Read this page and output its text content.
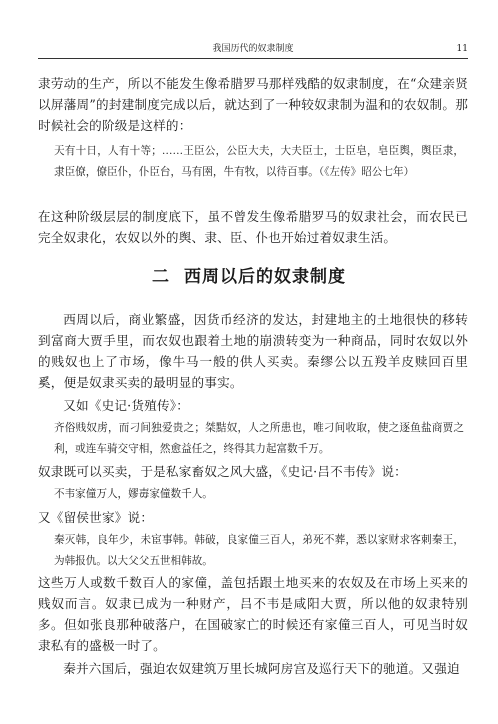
我国历代的奴隶制度	11

隶劳动的生产，所以不能发生像希腊罗马那样残酷的奴隶制度，在“众建亲贤以屏藩周”的封建制度完成以后，就达到了一种较奴隶制为温和的农奴制。那时候社会的阶级是这样的：

天有十日，人有十等；……王臣公，公臣大夫，大夫臣士，士臣皂，皂臣舆，舆臣隶，隶臣僚，僚臣仆，仆臣台，马有圉，牛有牧，以待百事。（《左传》昭公七年）

在这种阶级层层的制度底下，虽不曾发生像希腊罗马的奴隶社会，而农民已完全奴隶化，农奴以外的舆、隶、臣、仆也开始过着奴隶生活。

二 西周以后的奴隶制度

西周以后，商业繁盛，因货币经济的发达，封建地主的土地很快的移转到富商大贾手里，而农奴也跟着土地的崩溃转变为一种商品，同时农奴以外的贱奴也上了市场，像牛马一般的供人买卖。秦缪公以五羖羊皮赎回百里奚，便是奴隶买卖的最明显的事实。

又如《史记·货殖传》：

齐俗贱奴虏，而刁间独爱贵之；桀黠奴，人之所患也，唯刁间收取，使之逐鱼盐商贾之利，或连车骑交守相，然愈益任之，终得其力起富数千万。

奴隶既可以买卖，于是私家畜奴之风大盛，《史记·吕不韦传》说：

不韦家僮万人，嫪毐家僮数千人。

又《留侯世家》说：

秦灭韩，良年少，未宦事韩。韩破，良家僮三百人，弟死不葬，悉以家财求客刺秦王，为韩报仇。以大父父五世相韩故。

这些万人或数千数百人的家僮，盖包括跟土地买来的农奴及在市场上买来的贱奴而言。奴隶已成为一种财产，吕不韦是咸阳大贾，所以他的奴隶特别多。但如张良那种破落户，在国破家亡的时候还有家僮三百人，可见当时奴隶私有的盛极一时了。

秦并六国后，强迫农奴建筑万里长城阿房宫及巡行天下的驰道。又强迫
